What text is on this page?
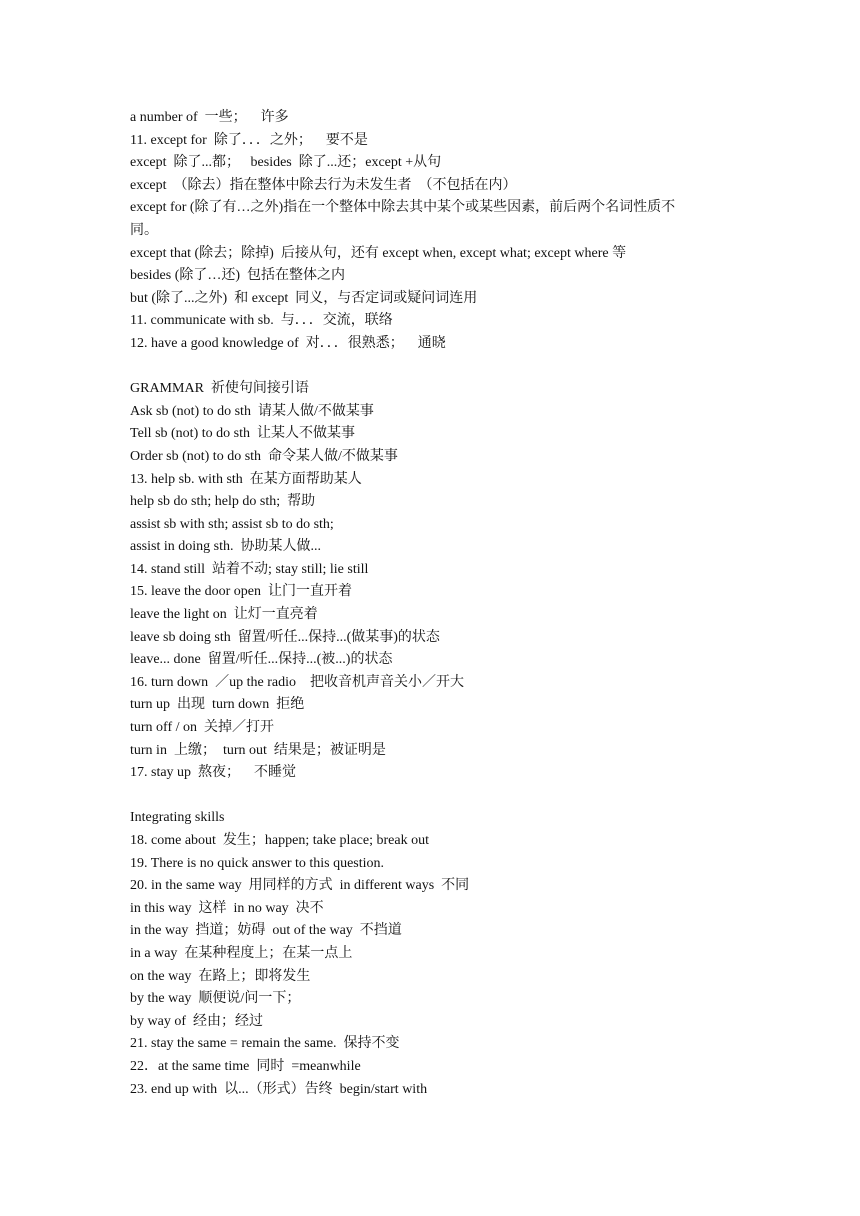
a number of  一些；    许多
11. except for  除了．．．之外；    要不是
except  除了...都；   besides  除了...还；except +从句
except  （除去）指在整体中除去行为未发生者  （不包括在内）
except for (除了有…之外)指在一个整体中除去其中某个或某些因素，前后两个名词性质不
同。
except that (除去；除掉)  后接从句，还有 except when, except what; except where 等
besides (除了…还)  包括在整体之内
but (除了...之外)  和 except  同义，与否定词或疑问词连用
11. communicate with sb.  与．．．交流，联络
12. have a good knowledge of  对．．．很熟悉；    通晓
GRAMMAR  祈使句间接引语
Ask sb (not) to do sth  请某人做/不做某事
Tell sb (not) to do sth  让某人不做某事
Order sb (not) to do sth  命令某人做/不做某事
13. help sb. with sth  在某方面帮助某人
help sb do sth; help do sth;  帮助
assist sb with sth; assist sb to do sth;
assist in doing sth.  协助某人做...
14. stand still  站着不动; stay still; lie still
15. leave the door open  让门一直开着
leave the light on  让灯一直亮着
leave sb doing sth  留置/听任...保持...(做某事)的状态
leave... done  留置/听任...保持...(被...)的状态
16. turn down  ／up the radio    把收音机声音关小／开大
turn up  出现  turn down  拒绝
turn off / on  关掉／打开
turn in  上缴；  turn out  结果是；被证明是
17. stay up  熬夜；    不睡觉
Integrating skills
18. come about  发生；happen; take place; break out
19. There is no quick answer to this question.
20. in the same way  用同样的方式  in different ways  不同
in this way  这样  in no way  决不
in the way  挡道；妨碍  out of the way  不挡道
in a way  在某种程度上；在某一点上
on the way  在路上；即将发生
by the way  顺便说/问一下；
by way of  经由；经过
21. stay the same = remain the same.  保持不变
22．at the same time  同时  =meanwhile
23. end up with  以...（形式）告终  begin/start with
